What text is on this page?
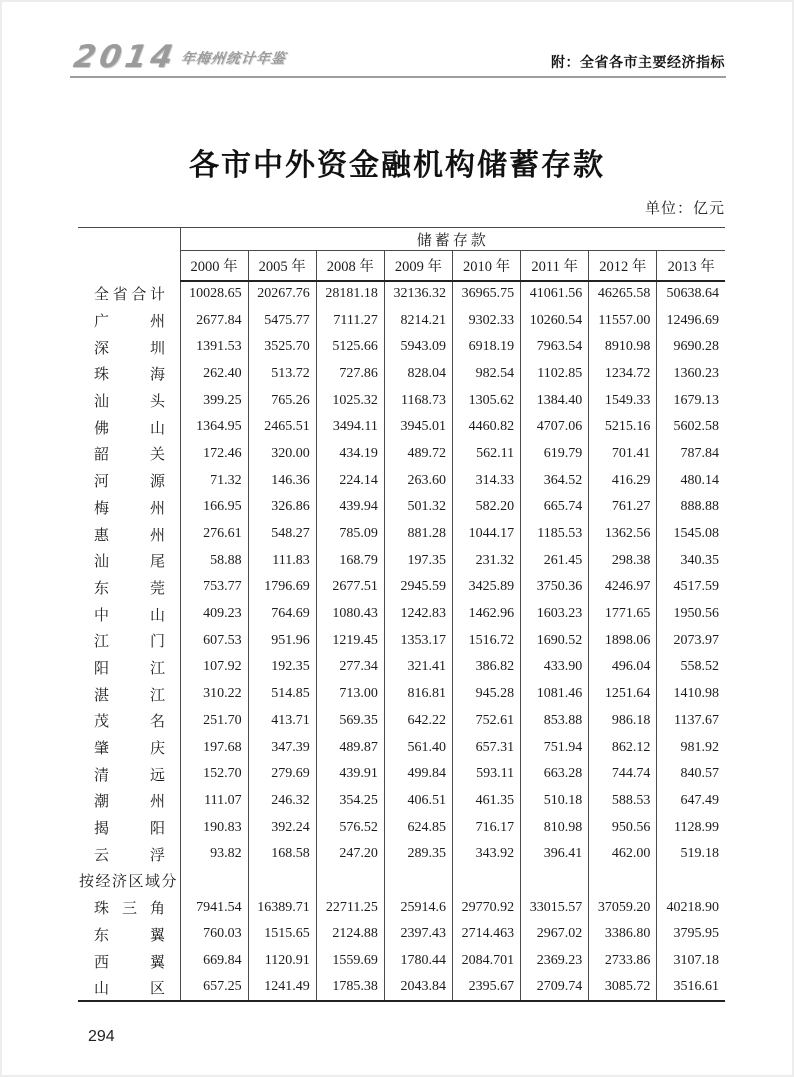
2014年梅州统计年鉴	附：全省各市主要经济指标
各市中外资金融机构储蓄存款
单位：亿元
	储蓄存款							
	2000 年	2005 年	2008 年	2009 年	2010 年	2011 年	2012 年	2013 年

全省合计	10028.65	20267.76	28181.18	32136.32	36965.75	41061.56	46265.58	50638.64

广州	2677.84	5475.77	7111.27	8214.21	9302.33	10260.54	11557.00	12496.69

深圳	1391.53	3525.70	5125.66	5943.09	6918.19	7963.54	8910.98	9690.28

珠海	262.40	513.72	727.86	828.04	982.54	1102.85	1234.72	1360.23

汕头	399.25	765.26	1025.32	1168.73	1305.62	1384.40	1549.33	1679.13

佛山	1364.95	2465.51	3494.11	3945.01	4460.82	4707.06	5215.16	5602.58

韶关	172.46	320.00	434.19	489.72	562.11	619.79	701.41	787.84

河源	71.32	146.36	224.14	263.60	314.33	364.52	416.29	480.14

梅州	166.95	326.86	439.94	501.32	582.20	665.74	761.27	888.88

惠州	276.61	548.27	785.09	881.28	1044.17	1185.53	1362.56	1545.08

汕尾	58.88	111.83	168.79	197.35	231.32	261.45	298.38	340.35

东莞	753.77	1796.69	2677.51	2945.59	3425.89	3750.36	4246.97	4517.59

中山	409.23	764.69	1080.43	1242.83	1462.96	1603.23	1771.65	1950.56

江门	607.53	951.96	1219.45	1353.17	1516.72	1690.52	1898.06	2073.97

阳江	107.92	192.35	277.34	321.41	386.82	433.90	496.04	558.52

湛江	310.22	514.85	713.00	816.81	945.28	1081.46	1251.64	1410.98

茂名	251.70	413.71	569.35	642.22	752.61	853.88	986.18	1137.67

肇庆	197.68	347.39	489.87	561.40	657.31	751.94	862.12	981.92

清远	152.70	279.69	439.91	499.84	593.11	663.28	744.74	840.57

潮州	111.07	246.32	354.25	406.51	461.35	510.18	588.53	647.49

揭阳	190.83	392.24	576.52	624.85	716.17	810.98	950.56	1128.99

云浮	93.82	168.58	247.20	289.35	343.92	396.41	462.00	519.18

按经济区域分								

珠三角	7941.54	16389.71	22711.25	25914.6	29770.92	33015.57	37059.20	40218.90

东翼	760.03	1515.65	2124.88	2397.43	2714.463	2967.02	3386.80	3795.95

西翼	669.84	1120.91	1559.69	1780.44	2084.701	2369.23	2733.86	3107.18

山区	657.25	1241.49	1785.38	2043.84	2395.67	2709.74	3085.72	3516.61
294
